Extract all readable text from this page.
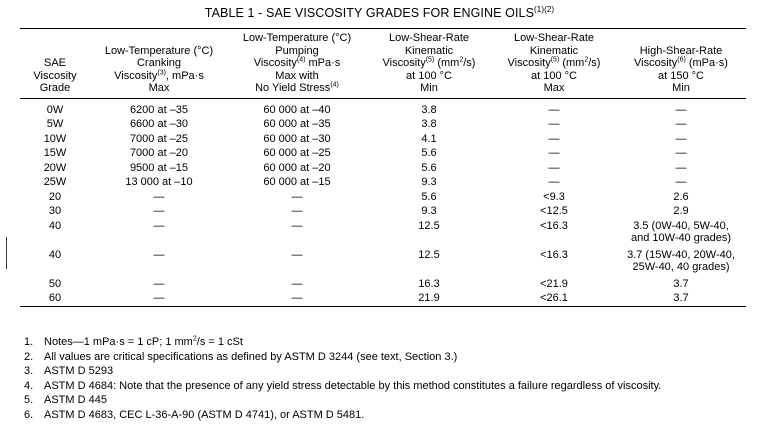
TABLE 1 - SAE VISCOSITY GRADES FOR ENGINE $OILS^{(1)(2)}$
SAE
Viscosity
Grade	Low-Temperature (°C)
Cranking
Viscosity$^{(3)}$, mPa·s
Max	Low-Temperature (°C)
Pumping
Viscosity$^{(4)}$ mPa·s
Max with
No Yield Stress$^{(4)}$	Low-Shear-Rate
Kinematic
Viscosity$^{(5)}$ $(mm^2/s)$
at 100 °C
Min	Low-Shear-Rate
Kinematic
Viscosity$^{(5)}$ $(mm^2/s)$
at 100 °C
Max	High-Shear-Rate
Viscosity$^{(6)}$ (mPa·s)
at 150 °C
Min

0W	6200 at –35	60 000 at –40	3.8	—	—
5W	6600 at –30	60 000 at –35	3.8	—	—
10W	7000 at –25	60 000 at –30	4.1	—	—
15W	7000 at –20	60 000 at –25	5.6	—	—
20W	9500 at –15	60 000 at –20	5.6	—	—
25W	13 000 at –10	60 000 at –15	9.3	—	—
20	—	—	5.6	<9.3	2.6
30	—	—	9.3	<12.5	2.9
40	—	—	12.5	<16.3	3.5 (0W-40, 5W-40,
and 10W-40 grades)

40	—	—	12.5	<16.3	3.7 (15W-40, 20W-40,
25W-40, 40 grades)

50	—	—	16.3	<21.9	3.7
60	—	—	21.9	<26.1	3.7
1. Notes—1 mPa·s = 1 cP; 1 $mm^2/s = 1$ cSt
2. All values are critical specifications as defined by ASTM D 3244 (see text, Section 3.)
3. ASTM D 5293
4. ASTM D 4684: Note that the presence of any yield stress detectable by this method constitutes a failure regardless of viscosity.
5. ASTM D 445
6. ASTM D 4683, CEC L-36-A-90 (ASTM D 4741), or ASTM D 5481.
